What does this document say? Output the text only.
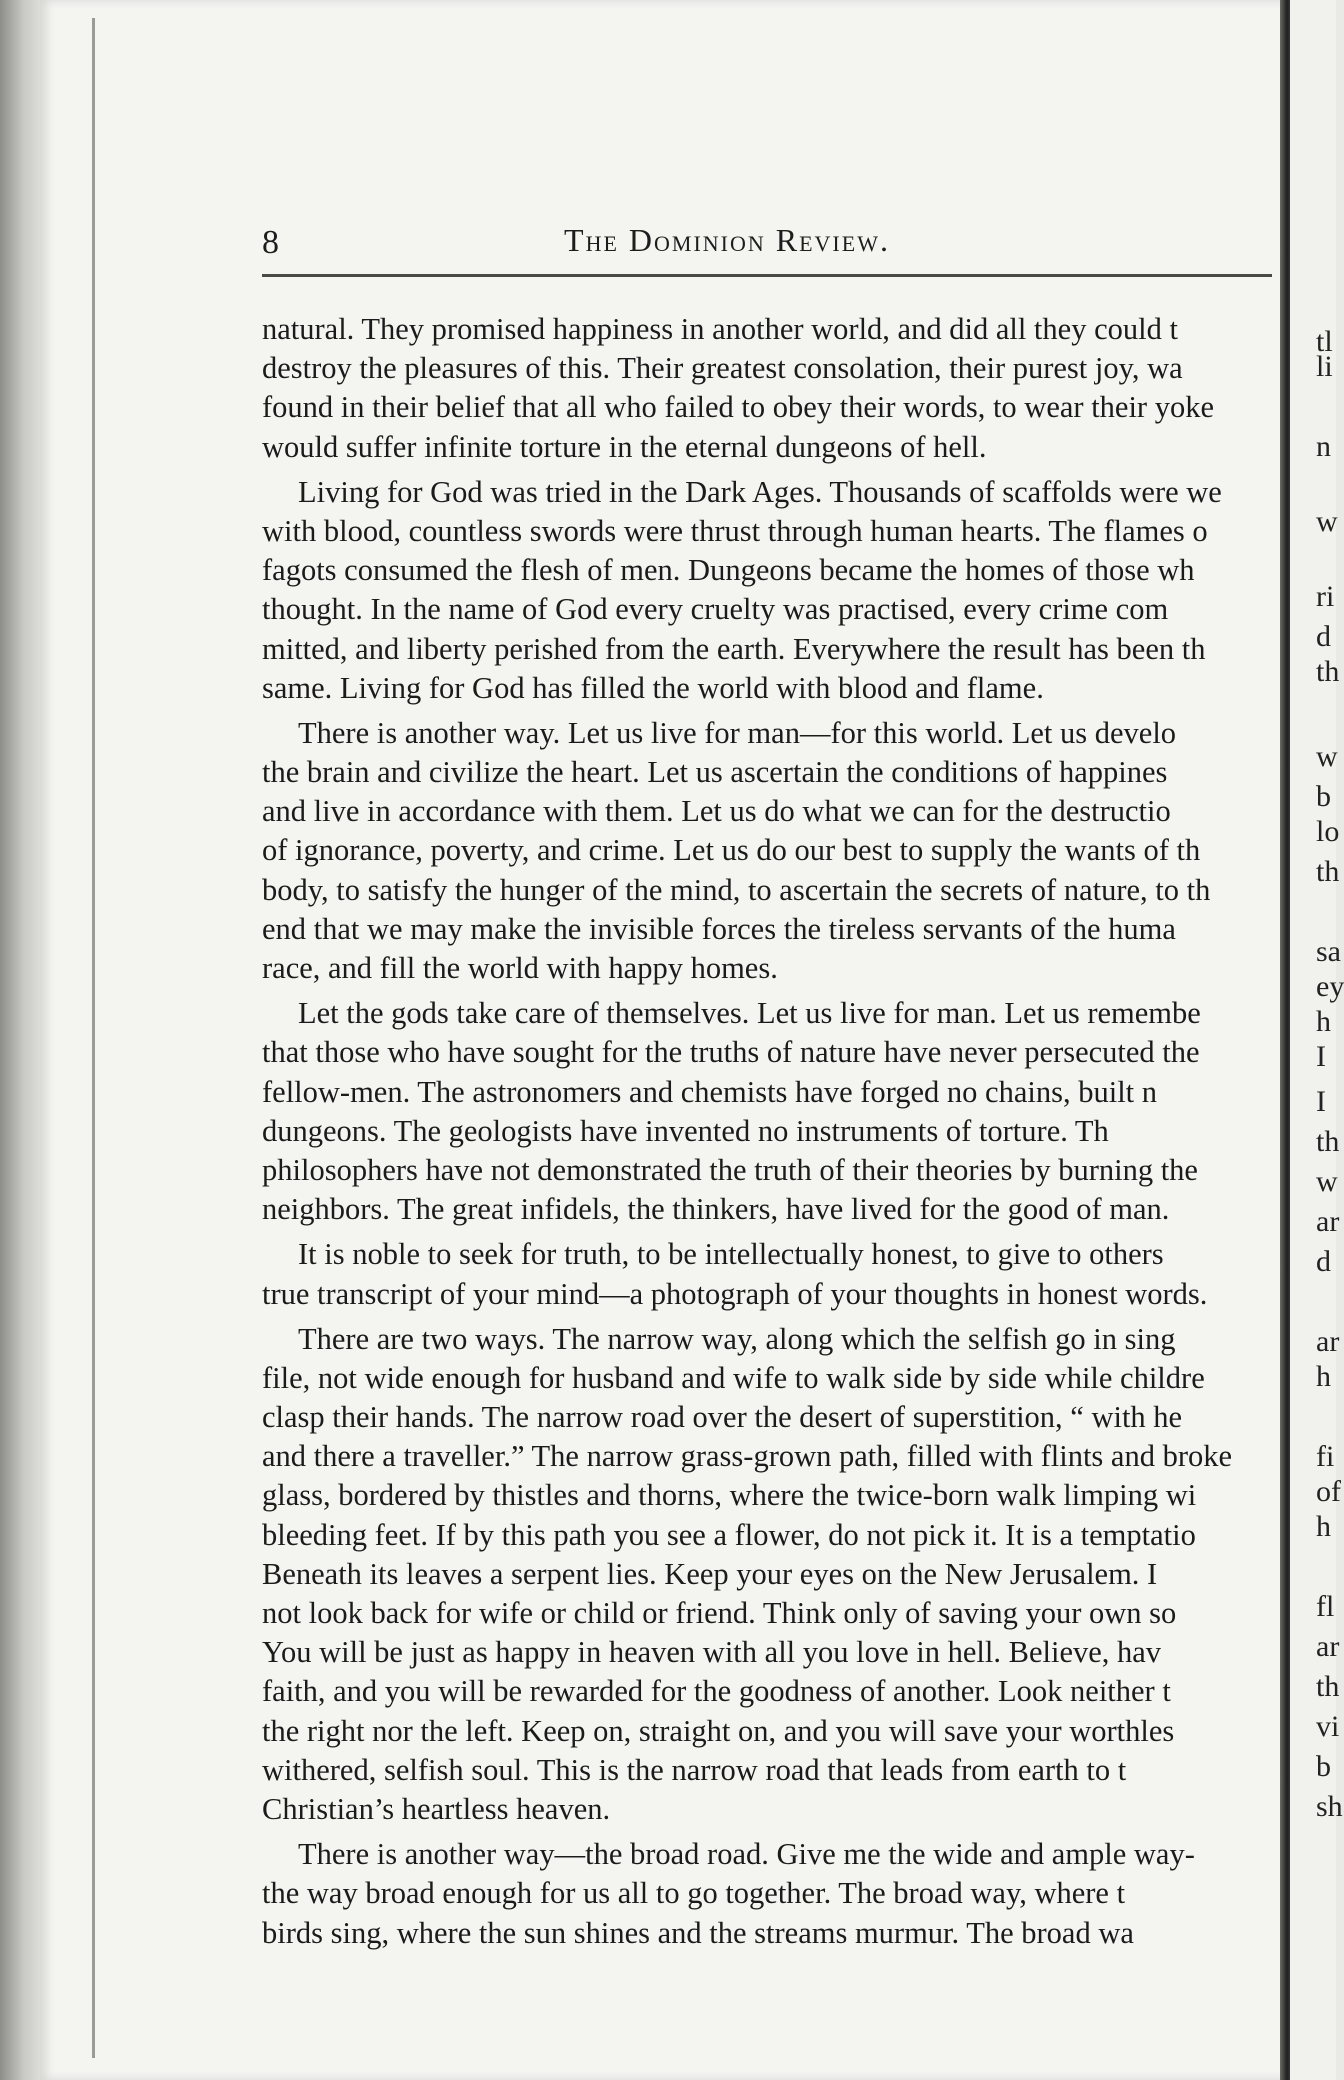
8	The Dominion Review.
natural. They promised happiness in another world, and did all they could t
destroy the pleasures of this. Their greatest consolation, their purest joy, wa
found in their belief that all who failed to obey their words, to wear their yoke
would suffer infinite torture in the eternal dungeons of hell.
Living for God was tried in the Dark Ages. Thousands of scaffolds were we
with blood, countless swords were thrust through human hearts. The flames o
fagots consumed the flesh of men. Dungeons became the homes of those wh
thought. In the name of God every cruelty was practised, every crime com
mitted, and liberty perished from the earth. Everywhere the result has been th
same. Living for God has filled the world with blood and flame.
There is another way. Let us live for man—for this world. Let us develo
the brain and civilize the heart. Let us ascertain the conditions of happines
and live in accordance with them. Let us do what we can for the destructio
of ignorance, poverty, and crime. Let us do our best to supply the wants of th
body, to satisfy the hunger of the mind, to ascertain the secrets of nature, to th
end that we may make the invisible forces the tireless servants of the huma
race, and fill the world with happy homes.
Let the gods take care of themselves. Let us live for man. Let us remembe
that those who have sought for the truths of nature have never persecuted the
fellow-men. The astronomers and chemists have forged no chains, built n
dungeons. The geologists have invented no instruments of torture. Th
philosophers have not demonstrated the truth of their theories by burning the
neighbors. The great infidels, the thinkers, have lived for the good of man.
It is noble to seek for truth, to be intellectually honest, to give to others
true transcript of your mind—a photograph of your thoughts in honest words.
There are two ways. The narrow way, along which the selfish go in sing
file, not wide enough for husband and wife to walk side by side while childre
clasp their hands. The narrow road over the desert of superstition, “ with he
and there a traveller.” The narrow grass-grown path, filled with flints and broke
glass, bordered by thistles and thorns, where the twice-born walk limping wi
bleeding feet. If by this path you see a flower, do not pick it. It is a temptatio
Beneath its leaves a serpent lies. Keep your eyes on the New Jerusalem. I
not look back for wife or child or friend. Think only of saving your own so
You will be just as happy in heaven with all you love in hell. Believe, hav
faith, and you will be rewarded for the goodness of another. Look neither t
the right nor the left. Keep on, straight on, and you will save your worthles
withered, selfish soul. This is the narrow road that leads from earth to t
Christian’s heartless heaven.
There is another way—the broad road. Give me the wide and ample way-
the way broad enough for us all to go together. The broad way, where t
birds sing, where the sun shines and the streams murmur. The broad wa
tl
li
n
w
ri
d
th
w
b
lo
th
sa
ey
h
I
I
th
w
ar
d
ar
h
fi
of
h
fl
ar
th
vi
b
sh
